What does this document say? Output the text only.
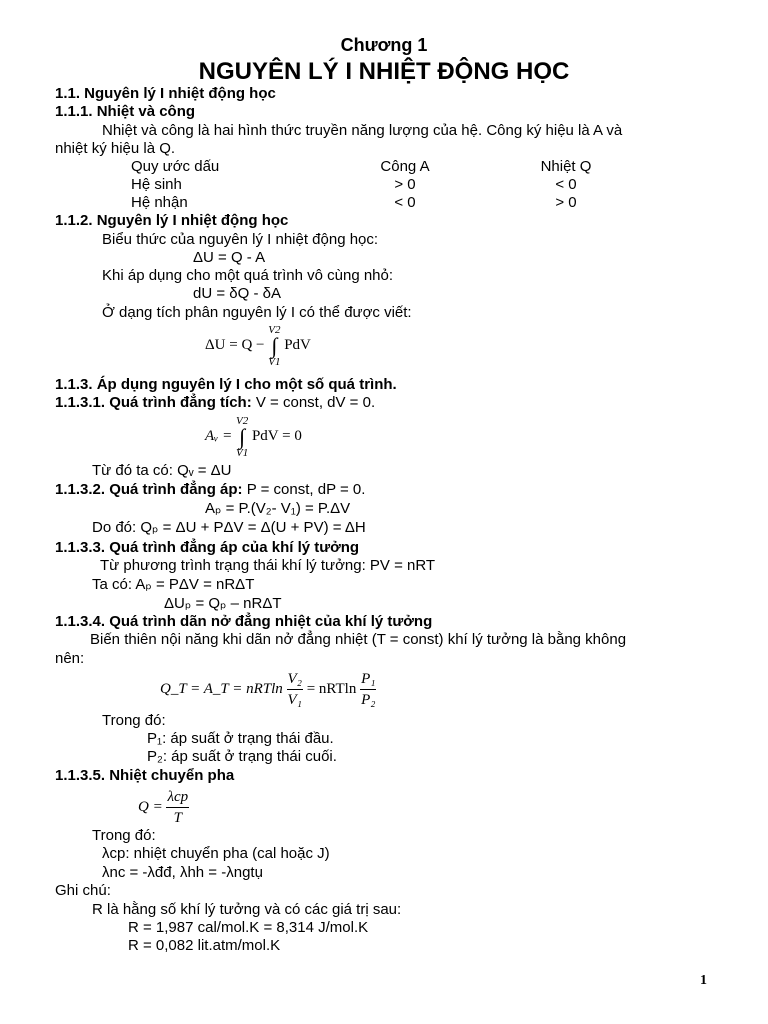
Chương 1
NGUYÊN LÝ I NHIỆT ĐỘNG HỌC
1.1. Nguyên lý I nhiệt động học
1.1.1. Nhiệt và công
Nhiệt và công là hai hình thức truyền năng lượng của hệ. Công ký hiệu là A và
nhiệt ký hiệu là Q.
Quy ước dấu	Công A	Nhiệt Q
Hệ sinh	> 0	< 0
Hệ nhận	< 0	> 0
1.1.2. Nguyên lý I nhiệt động học
Biểu thức của nguyên lý I nhiệt động học:
ΔU = Q - A
Khi áp dụng cho một quá trình vô cùng nhỏ:
dU = δQ - δA
Ở dạng tích phân nguyên lý I có thể được viết:
ΔU = Q −
V2
∫
V1
PdV
1.1.3. Áp dụng nguyên lý I cho một số quá trình.
1.1.3.1. Quá trình đẳng tích: V = const, dV = 0.
Aᵥ =
V2
∫
V1
PdV = 0
Từ đó ta có: Qᵥ = ΔU
1.1.3.2. Quá trình đẳng áp: P = const, dP = 0.
Aₚ = P.(V₂- V₁) = P.ΔV
Do đó: Qₚ = ΔU + PΔV = Δ(U + PV) = ΔH
1.1.3.3. Quá trình đẳng áp của khí lý tưởng
Từ phương trình trạng thái khí lý tưởng: PV = nRT
Ta có: Aₚ = PΔV = nRΔT
ΔUₚ = Qₚ – nRΔT
1.1.3.4. Quá trình dãn nở đẳng nhiệt của khí lý tưởng
Biến thiên nội năng khi dãn nở đẳng nhiệt (T = const) khí lý tưởng là bằng không
nên:
Q_T = A_T = nRTln $\frac{\text{V₂}}{\text{V₁}} = nRTln \frac{\text{P₁}}{\text{P₂}}$
Trong đó:
P₁: áp suất ở trạng thái đầu.
P₂: áp suất ở trạng thái cuối.
1.1.3.5. Nhiệt chuyển pha
$Q = \frac{\text{λcp}}{T}$
Trong đó:
λcp: nhiệt chuyển pha (cal hoặc J)
λnc = -λđđ, λhh = -λngtụ
Ghi chú:
R là hằng số khí lý tưởng và có các giá trị sau:
R = 1,987 cal/mol.K = 8,314 J/mol.K
R = 0,082 lit.atm/mol.K
1
